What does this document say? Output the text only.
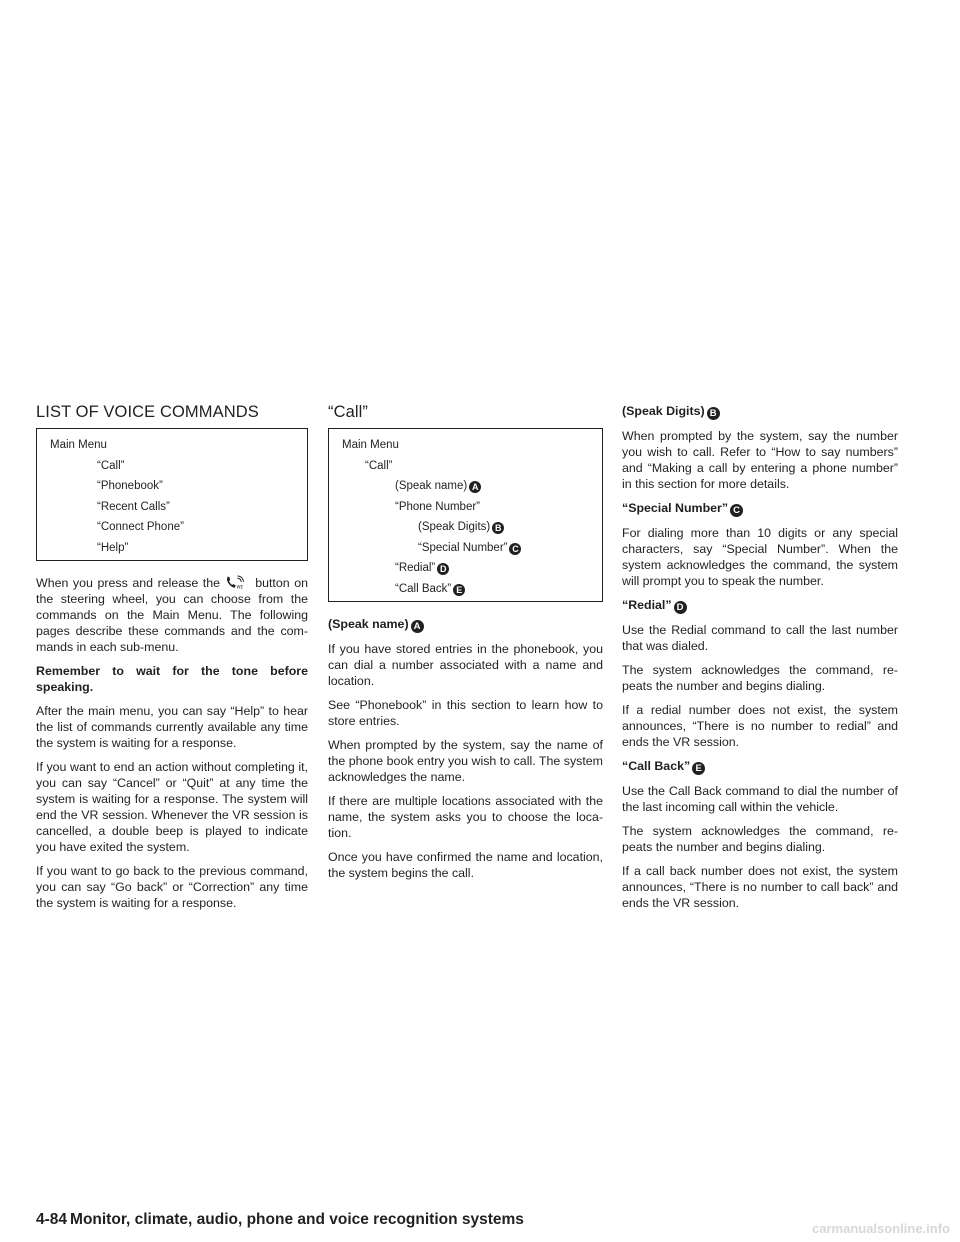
LIST OF VOICE COMMANDS
Main Menu
“Call”
“Phonebook”
“Recent Calls”
“Connect Phone”
“Help”

When you press and release the	WE button on the steering wheel, you can choose from the commands on the Main Menu. The following pages describe these commands and the com-mands in each sub-menu.

Remember to wait for the tone before speaking.

After the main menu, you can say “Help” to hear the list of commands currently available any time the system is waiting for a response.

If you want to end an action without completing it, you can say “Cancel” or “Quit” at any time the system is waiting for a response. The system will end the VR session. Whenever the VR session is cancelled, a double beep is played to indicate you have exited the system.

If you want to go back to the previous command, you can say “Go back” or “Correction” any time the system is waiting for a response.

“Call”
Main Menu
“Call”
(Speak name) A
“Phone Number”
(Speak Digits) B
“Special Number” C
“Redial” D
“Call Back” E
(Speak name) A

If you have stored entries in the phonebook, you can dial a number associated with a name and location.

See “Phonebook” in this section to learn how to store entries.

When prompted by the system, say the name of the phone book entry you wish to call. The system acknowledges the name.

If there are multiple locations associated with the name, the system asks you to choose the loca-tion.

Once you have confirmed the name and location, the system begins the call.

(Speak Digits) B

When prompted by the system, say the number you wish to call. Refer to “How to say numbers” and “Making a call by entering a phone number” in this section for more details.

“Special Number” C

For dialing more than 10 digits or any special characters, say “Special Number”. When the system acknowledges the command, the system will prompt you to speak the number.

“Redial” D

Use the Redial command to call the last number that was dialed.

The system acknowledges the command, re-peats the number and begins dialing.

If a redial number does not exist, the system announces, “There is no number to redial” and ends the VR session.

“Call Back” E

Use the Call Back command to dial the number of the last incoming call within the vehicle.

The system acknowledges the command, re-peats the number and begins dialing.

If a call back number does not exist, the system announces, “There is no number to call back” and ends the VR session.

4-84 Monitor, climate, audio, phone and voice recognition systems
carmanualsonline.info
